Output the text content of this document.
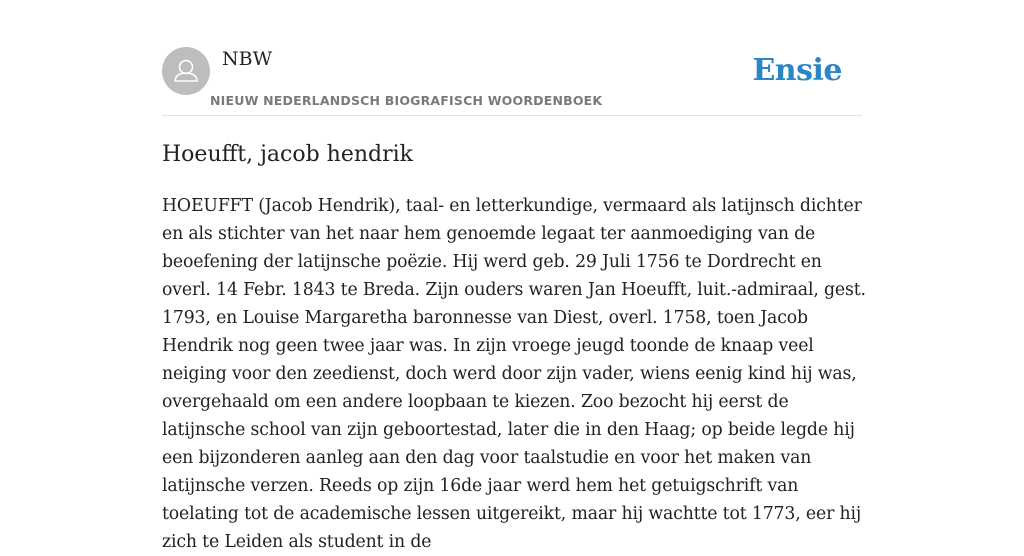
NBW
NIEUW NEDERLANDSCH BIOGRAFISCH WOORDENBOEK
Ensie
Hoeufft, jacob hendrik

HOEUFFT (Jacob Hendrik), taal- en letterkundige, vermaard als latijnsch dichter en als stichter van het naar hem genoemde legaat ter aanmoediging van de beoefening der latijnsche poëzie. Hij werd geb. 29 Juli 1756 te Dordrecht en overl. 14 Febr. 1843 te Breda. Zijn ouders waren Jan Hoeufft, luit.-admiraal, gest. 1793, en Louise Margaretha baronnesse van Diest, overl. 1758, toen Jacob Hendrik nog geen twee jaar was. In zijn vroege jeugd toonde de knaap veel neiging voor den zeedienst, doch werd door zijn vader, wiens eenig kind hij was, overgehaald om een andere loopbaan te kiezen. Zoo bezocht hij eerst de latijnsche school van zijn geboortestad, later die in den Haag; op beide legde hij een bijzonderen aanleg aan den dag voor taalstudie en voor het maken van latijnsche verzen. Reeds op zijn 16de jaar werd hem het getuigschrift van toelating tot de academische lessen uitgereikt, maar hij wachtte tot 1773, eer hij zich te Leiden als student in de
